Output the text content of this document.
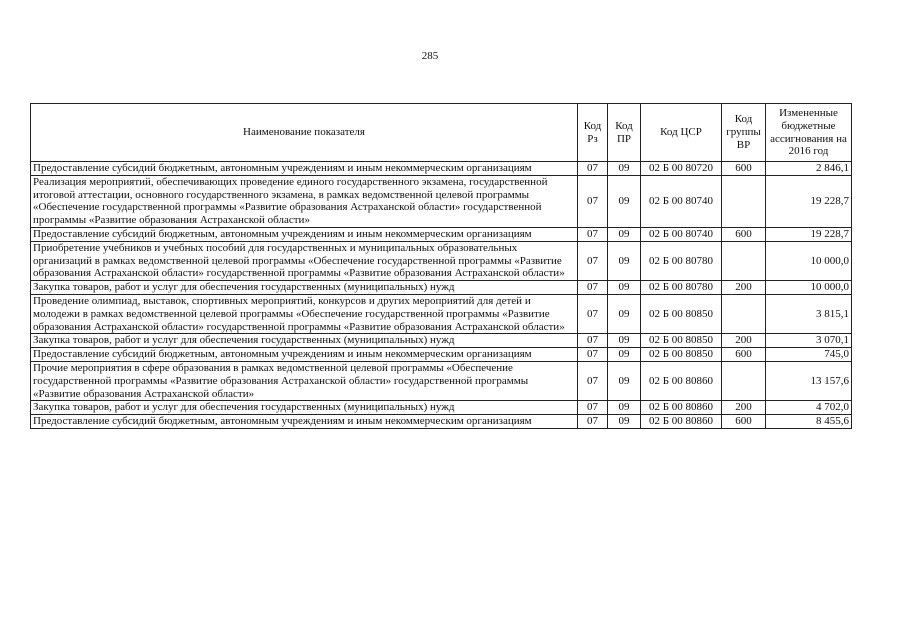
285
Наименование показателя	Код Рз	Код ПР	Код ЦСР	Код группы ВР	Измененные бюджетные ассигнования на 2016 год
Предоставление субсидий бюджетным, автономным учреждениям и иным некоммерческим организациям	07	09	02 Б 00 80720	600	2 846,1
Реализация мероприятий, обеспечивающих проведение единого государственного экзамена, государственной итоговой аттестации, основного государственного экзамена, в рамках ведомственной целевой программы «Обеспечение государственной программы «Развитие образования Астраханской области» государственной программы «Развитие образования Астраханской области»	07	09	02 Б 00 80740		19 228,7
Предоставление субсидий бюджетным, автономным учреждениям и иным некоммерческим организациям	07	09	02 Б 00 80740	600	19 228,7
Приобретение учебников и учебных пособий для государственных и муниципальных образовательных организаций в рамках ведомственной целевой программы «Обеспечение государственной программы «Развитие образования Астраханской области» государственной программы «Развитие образования Астраханской области»	07	09	02 Б 00 80780		10 000,0
Закупка товаров, работ и услуг для обеспечения государственных (муниципальных) нужд	07	09	02 Б 00 80780	200	10 000,0
Проведение олимпиад, выставок, спортивных мероприятий, конкурсов и других мероприятий для детей и молодежи в рамках ведомственной целевой программы «Обеспечение государственной программы «Развитие образования Астраханской области» государственной программы «Развитие образования Астраханской области»	07	09	02 Б 00 80850		3 815,1
Закупка товаров, работ и услуг для обеспечения государственных (муниципальных) нужд	07	09	02 Б 00 80850	200	3 070,1
Предоставление субсидий бюджетным, автономным учреждениям и иным некоммерческим организациям	07	09	02 Б 00 80850	600	745,0
Прочие мероприятия в сфере образования в рамках ведомственной целевой программы «Обеспечение государственной программы «Развитие образования Астраханской области» государственной программы «Развитие образования Астраханской области»	07	09	02 Б 00 80860		13 157,6
Закупка товаров, работ и услуг для обеспечения государственных (муниципальных) нужд	07	09	02 Б 00 80860	200	4 702,0
Предоставление субсидий бюджетным, автономным учреждениям и иным некоммерческим организациям	07	09	02 Б 00 80860	600	8 455,6
